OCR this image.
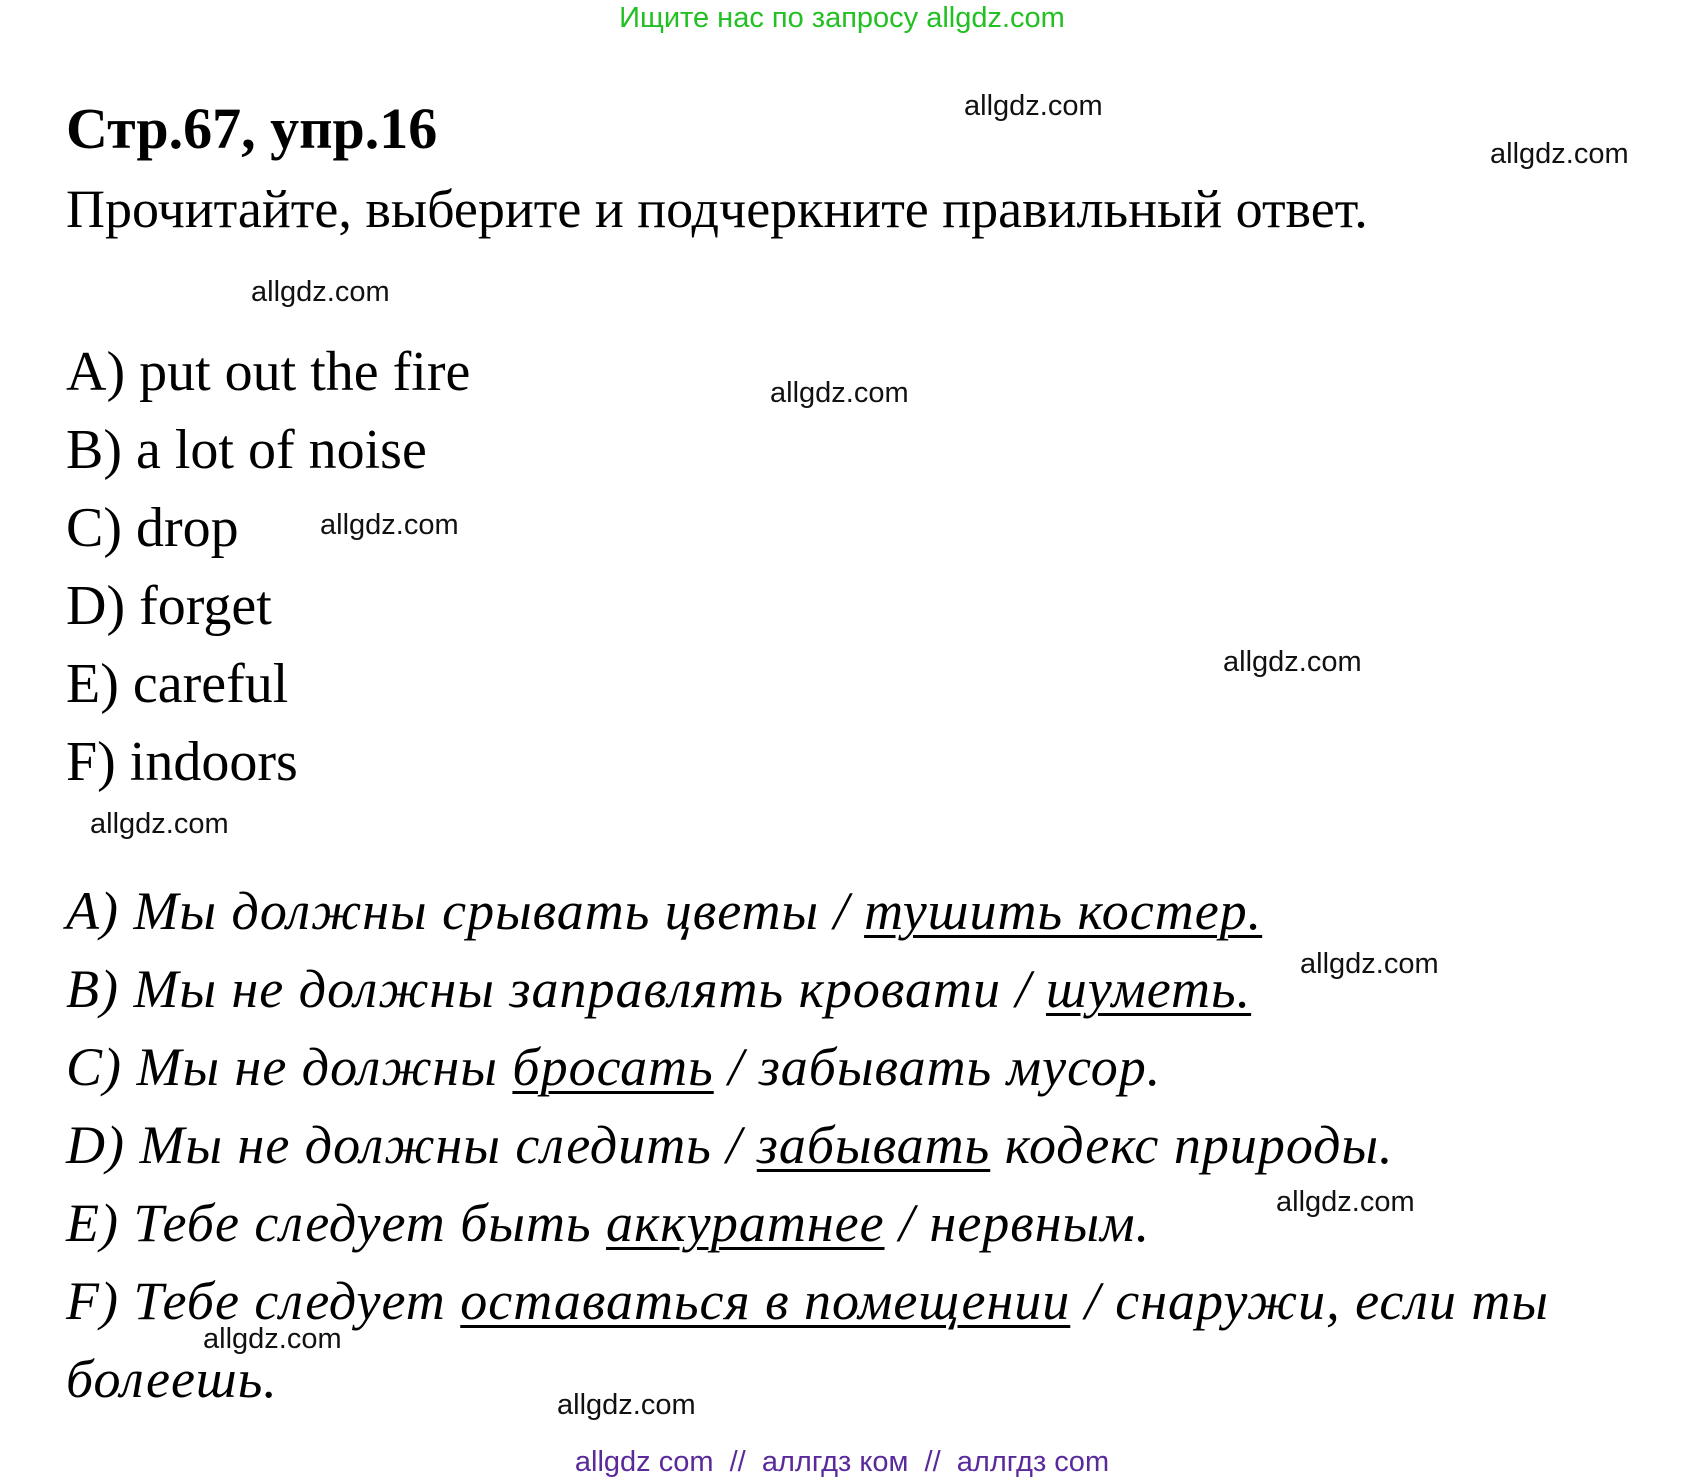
Ищите нас по запросу allgdz.com
Стр.67, упр.16

Прочитайте, выберите и подчеркните правильный ответ.

A) put out the fire
B) a lot of noise
C) drop
D) forget
E) careful
F) indoors
A) Мы должны срывать цветы / тушить костер.
B) Мы не должны заправлять кровати / шуметь.
C) Мы не должны бросать / забывать мусор.
D) Мы не должны следить / забывать кодекс природы.
E) Тебе следует быть аккуратнее / нервным.
F) Тебе следует оставаться в помещении / снаружи, если ты болеешь.
allgdz.com
allgdz.com
allgdz.com
allgdz.com
allgdz.com
allgdz.com
allgdz.com
allgdz.com
allgdz.com
allgdz.com
allgdz.com
allgdz com  //  аллгдз ком  //  аллгдз com
